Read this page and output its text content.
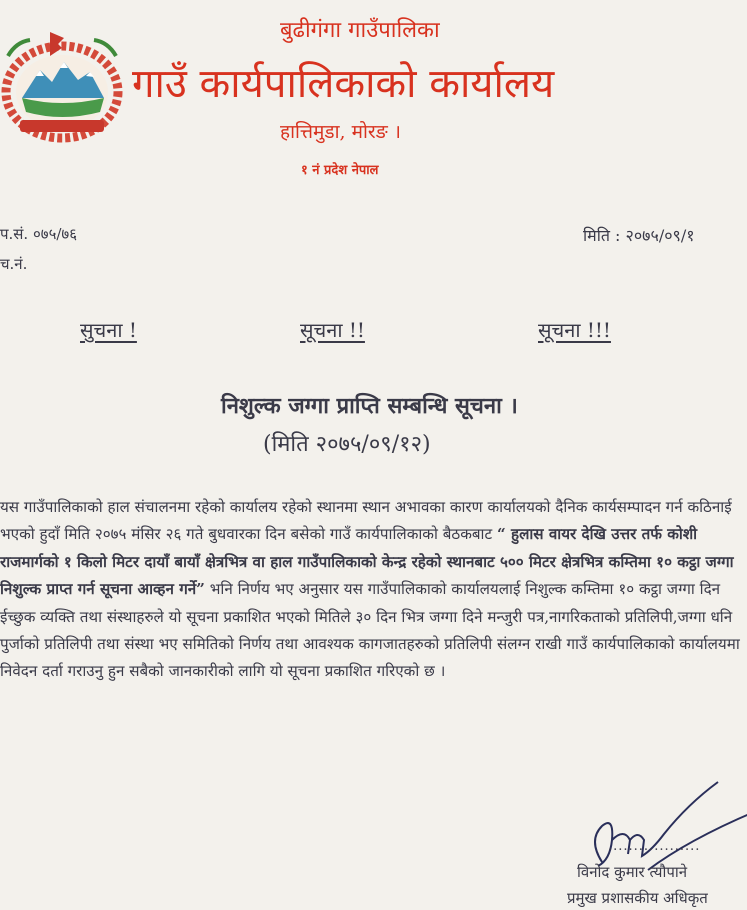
बुढीगंगा गाउँपालिका
गाउँ कार्यपालिकाको कार्यालय
हात्तिमुडा, मोरङ ।
१ नं प्रदेश नेपाल
प.सं. ०७५/७६
च.नं.
मिति : २०७५/०९/१
सुचना !	सूचना !!	सूचना !!!
निशुल्क जग्गा प्राप्ति सम्बन्धि सूचना ।
(मिति २०७५/०९/१२)
यस गाउँपालिकाको हाल संचालनमा रहेको कार्यालय रहेको स्थानमा स्थान अभावका कारण कार्यालयको दैनिक कार्यसम्पादन गर्न कठिनाई भएको हुदाँ मिति २०७५ मंसिर २६ गते बुधवारका दिन बसेको गाउँ कार्यपालिकाको बैठकबाट “ हुलास वायर देखि उत्तर तर्फ कोशी राजमार्गको १ किलो मिटर दायाँ बायाँ क्षेत्रभित्र वा हाल गाउँपालिकाको केन्द्र रहेको स्थानबाट ५०० मिटर क्षेत्रभित्र कम्तिमा १० कट्ठा जग्गा निशुल्क प्राप्त गर्न सूचना आव्हन गर्ने” भनि निर्णय भए अनुसार यस गाउँपालिकाको कार्यालयलाई निशुल्क कम्तिमा १० कट्ठा जग्गा दिन ईच्छुक व्यक्ति तथा संस्थाहरुले यो सूचना प्रकाशित भएको मितिले ३० दिन भित्र जग्गा दिने मन्जुरी पत्र,नागरिकताको प्रतिलिपी,जग्गा धनि पुर्जाको प्रतिलिपी तथा संस्था भए समितिको निर्णय तथा आवश्यक कागजातहरुको प्रतिलिपी संलग्न राखी गाउँ कार्यपालिकाको कार्यालयमा निवेदन दर्ता गराउनु हुन सबैको जानकारीको लागि यो सूचना प्रकाशित गरिएको छ ।
..................
विनोद कुमार त्यौपाने
प्रमुख प्रशासकीय अधिकृत
